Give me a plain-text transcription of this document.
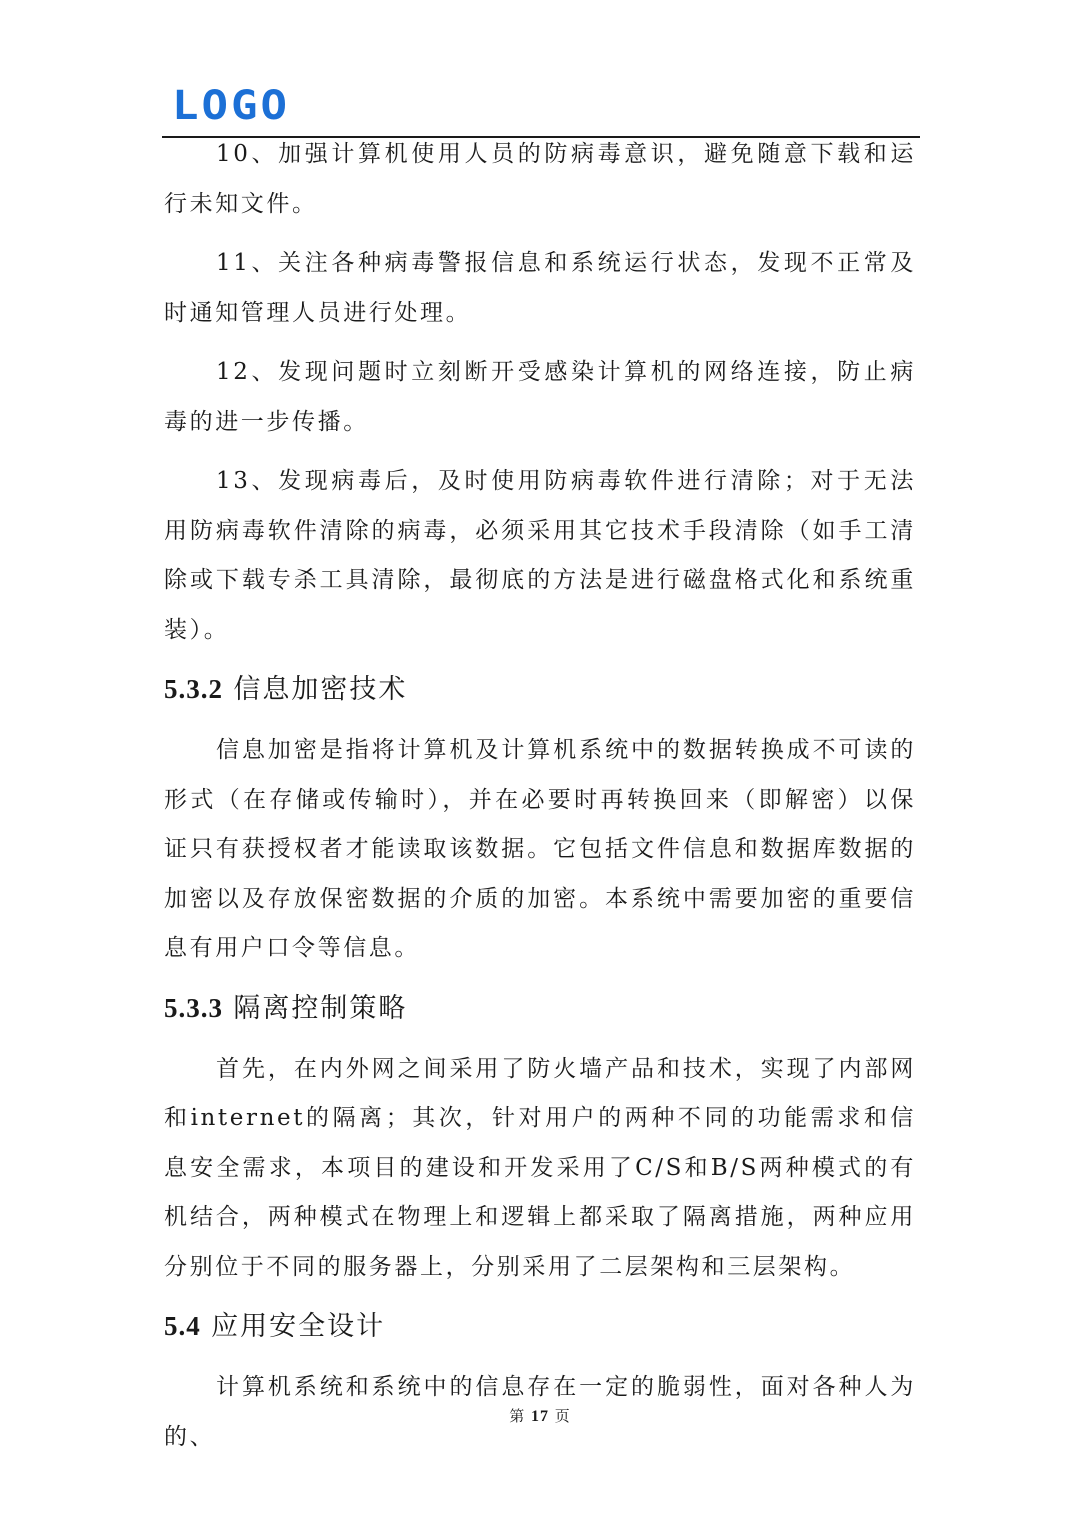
LOGO

10、加强计算机使用人员的防病毒意识，避免随意下载和运行未知文件。

11、关注各种病毒警报信息和系统运行状态，发现不正常及时通知管理人员进行处理。

12、发现问题时立刻断开受感染计算机的网络连接，防止病毒的进一步传播。

13、发现病毒后，及时使用防病毒软件进行清除；对于无法用防病毒软件清除的病毒，必须采用其它技术手段清除（如手工清除或下载专杀工具清除，最彻底的方法是进行磁盘格式化和系统重装）。

5.3.2 信息加密技术

信息加密是指将计算机及计算机系统中的数据转换成不可读的形式（在存储或传输时），并在必要时再转换回来（即解密）以保证只有获授权者才能读取该数据。它包括文件信息和数据库数据的加密以及存放保密数据的介质的加密。本系统中需要加密的重要信息有用户口令等信息。

5.3.3 隔离控制策略

首先，在内外网之间采用了防火墙产品和技术，实现了内部网和internet的隔离；其次，针对用户的两种不同的功能需求和信息安全需求，本项目的建设和开发采用了C/S和B/S两种模式的有机结合，两种模式在物理上和逻辑上都采取了隔离措施，两种应用分别位于不同的服务器上，分别采用了二层架构和三层架构。

5.4 应用安全设计

计算机系统和系统中的信息存在一定的脆弱性，面对各种人为的、

第 17 页
